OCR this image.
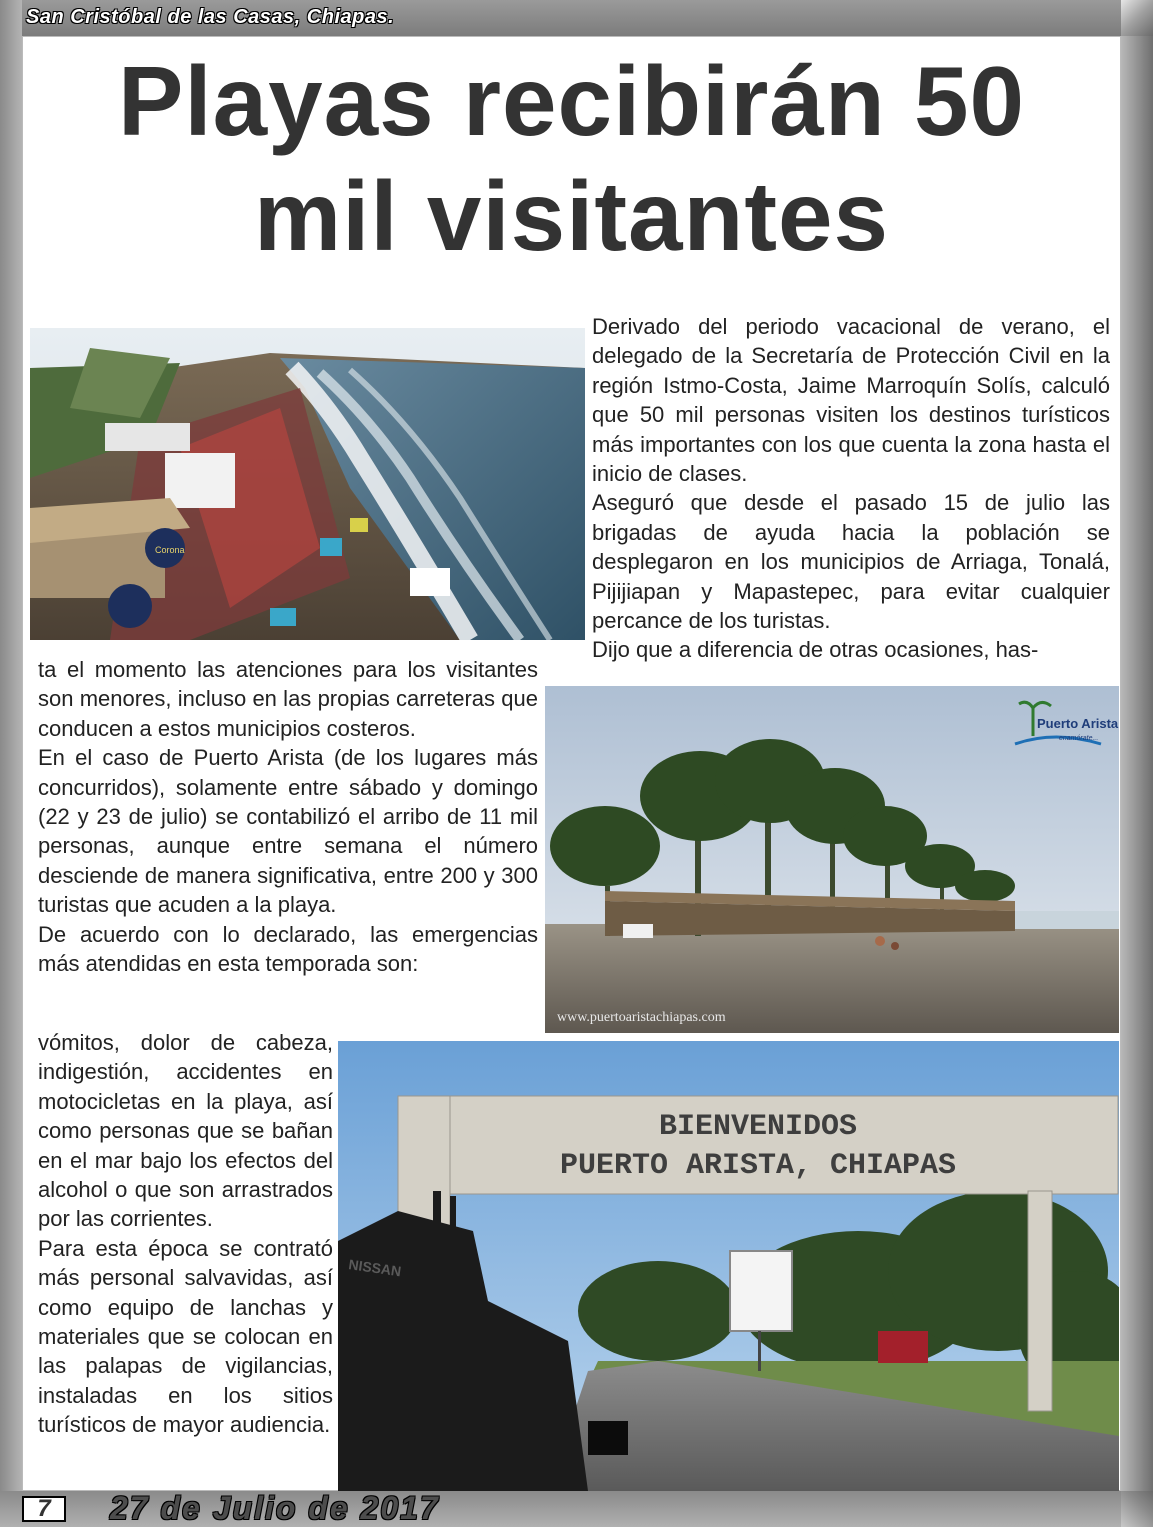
San Cristóbal de las Casas, Chiapas.
Playas recibirán 50
mil visitantes
Corona

Derivado del periodo vacacional de verano, el delegado de la Secretaría de Protección Civil en la región Istmo-Costa, Jaime Marroquín Solís, calculó que 50 mil personas visiten los destinos turísticos más importantes con los que cuenta la zona hasta el inicio de clases.

Aseguró que desde el pasado 15 de julio las brigadas de ayuda hacia la población se desplegaron en los municipios de Arriaga, Tonalá, Pijijiapan y Mapastepec, para evitar cualquier percance de los turistas.

Dijo que a diferencia de otras ocasiones, has-

ta el momento las atenciones para los visitantes son menores, incluso en las propias carreteras que conducen a estos municipios costeros.

En el caso de Puerto Arista (de los lugares más concurridos), solamente entre sábado y domingo (22 y 23 de julio) se contabilizó el arribo de 11 mil personas, aunque entre semana el número desciende de manera significativa, entre 200 y 300 turistas que acuden a la playa.

De acuerdo con lo declarado, las emergencias más atendidas en esta temporada son:

Puerto Arista
enamórate...
www.puertoaristachiapas.com

vómitos, dolor de cabeza, indigestión, accidentes en motocicletas en la playa, así como personas que se bañan en el mar bajo los efectos del alcohol o que son arrastrados por las corrientes.

Para esta época se contrató más personal salvavidas, así como equipo de lanchas y materiales que se colocan en las palapas de vigilancias, instaladas en los sitios turísticos de mayor audiencia.

BIENVENIDOS
PUERTO ARISTA, CHIAPAS
NISSAN
7	27 de Julio de 2017
